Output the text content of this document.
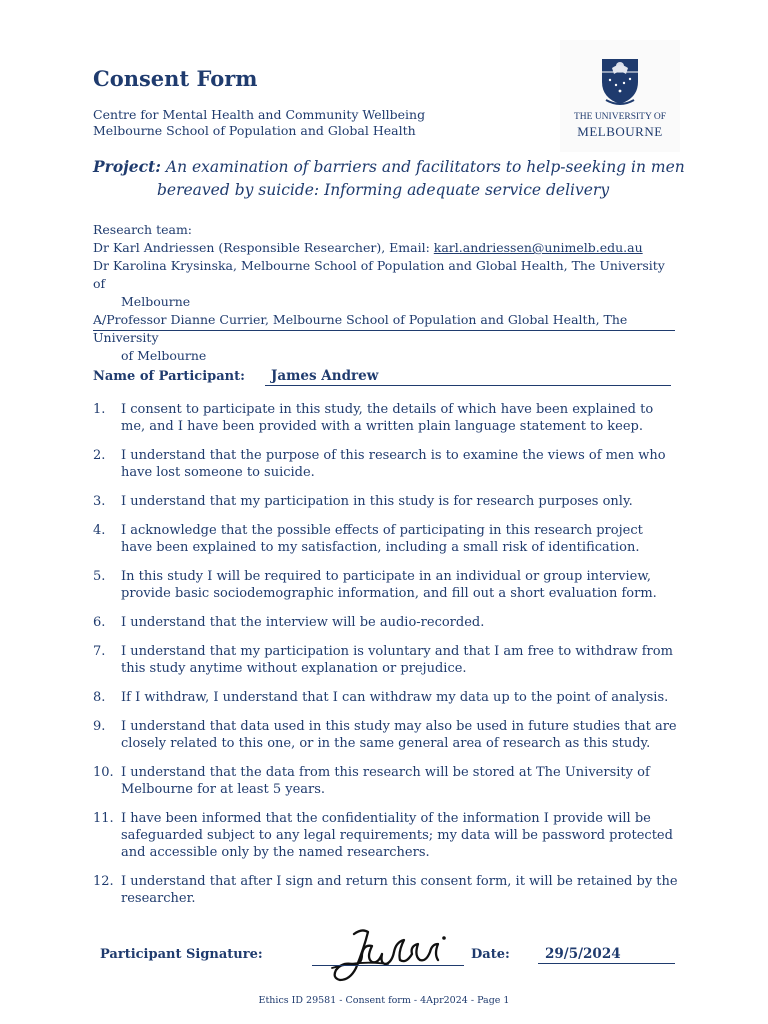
Consent Form
Centre for Mental Health and Community Wellbeing
Melbourne School of Population and Global Health
THE UNIVERSITY OF
MELBOURNE
Project: An examination of barriers and facilitators to help-seeking in men
bereaved by suicide: Informing adequate service delivery
Research team:
Dr Karl Andriessen (Responsible Researcher), Email: karl.andriessen@unimelb.edu.au
Dr Karolina Krysinska, Melbourne School of Population and Global Health, The University of
Melbourne
A/Professor Dianne Currier, Melbourne School of Population and Global Health, The University
of Melbourne
Name of Participant:	James Andrew
1. I consent to participate in this study, the details of which have been explained to me, and I have been provided with a written plain language statement to keep.
2. I understand that the purpose of this research is to examine the views of men who have lost someone to suicide.
3. I understand that my participation in this study is for research purposes only.
4. I acknowledge that the possible effects of participating in this research project have been explained to my satisfaction, including a small risk of identification.
5. In this study I will be required to participate in an individual or group interview, provide basic sociodemographic information, and fill out a short evaluation form.
6. I understand that the interview will be audio-recorded.
7. I understand that my participation is voluntary and that I am free to withdraw from this study anytime without explanation or prejudice.
8. If I withdraw, I understand that I can withdraw my data up to the point of analysis.
9. I understand that data used in this study may also be used in future studies that are closely related to this one, or in the same general area of research as this study.
10. I understand that the data from this research will be stored at The University of Melbourne for at least 5 years.
11. I have been informed that the confidentiality of the information I provide will be safeguarded subject to any legal requirements; my data will be password protected and accessible only by the named researchers.
12. I understand that after I sign and return this consent form, it will be retained by the researcher.
Participant Signature:	Date:	29/5/2024
Ethics ID 29581 - Consent form - 4Apr2024 - Page 1
